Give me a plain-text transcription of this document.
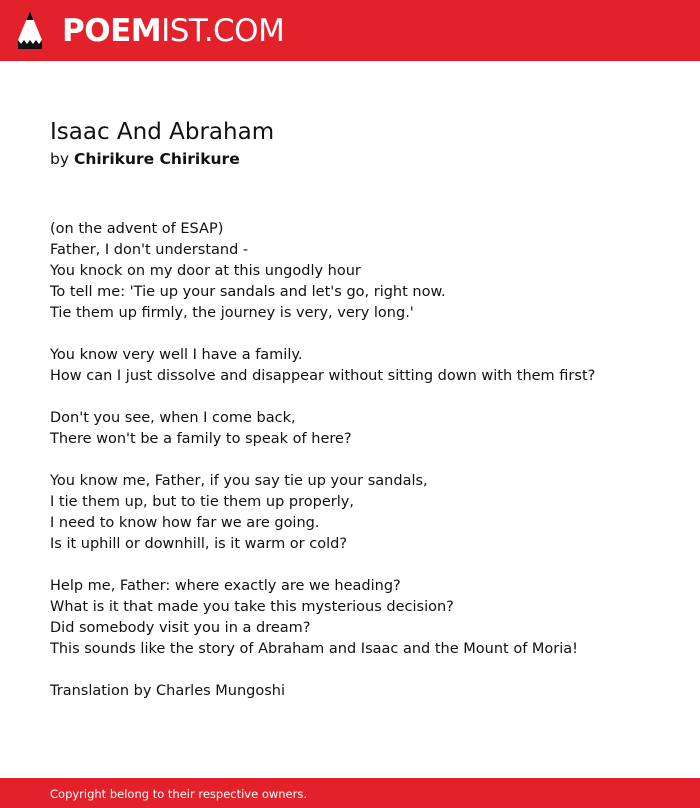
POEMIST.COM
Isaac And Abraham
by Chirikure Chirikure
(on the advent of ESAP)
Father, I don't understand -
You knock on my door at this ungodly hour
To tell me: 'Tie up your sandals and let's go, right now.
Tie them up firmly, the journey is very, very long.'
You know very well I have a family.
How can I just dissolve and disappear without sitting down with them first?
Don't you see, when I come back,
There won't be a family to speak of here?
You know me, Father, if you say tie up your sandals,
I tie them up, but to tie them up properly,
I need to know how far we are going.
Is it uphill or downhill, is it warm or cold?
Help me, Father: where exactly are we heading?
What is it that made you take this mysterious decision?
Did somebody visit you in a dream?
This sounds like the story of Abraham and Isaac and the Mount of Moria!
Translation by Charles Mungoshi
Copyright belong to their respective owners.
